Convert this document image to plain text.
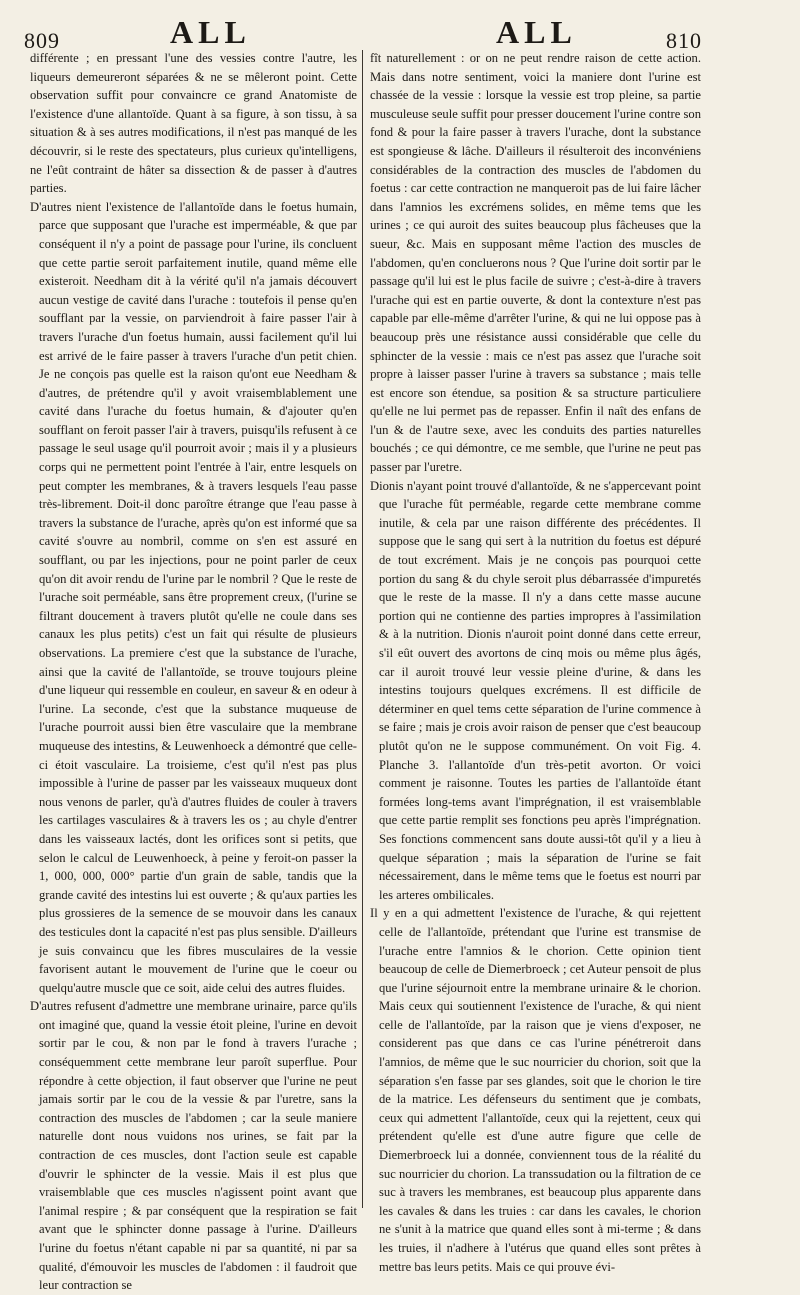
809	ALL	ALL	810

différente ; en pressant l'une des vessies contre l'autre, les liqueurs demeureront séparées & ne se mêleront point. Cette observation suffit pour convaincre ce grand Anatomiste de l'existence d'une allantoïde. Quant à sa figure, à son tissu, à sa situation & à ses autres modifications, il n'est pas manqué de les découvrir, si le reste des spectateurs, plus curieux qu'intelligens, ne l'eût contraint de hâter sa dissection & de passer à d'autres parties.

D'autres nient l'existence de l'allantoïde dans le foetus humain, parce que supposant que l'urache est imperméable, & que par conséquent il n'y a point de passage pour l'urine, ils concluent que cette partie seroit parfaitement inutile, quand même elle existeroit. Needham dit à la vérité qu'il n'a jamais découvert aucun vestige de cavité dans l'urache : toutefois il pense qu'en soufflant par la vessie, on parviendroit à faire passer l'air à travers l'urache d'un foetus humain, aussi facilement qu'il lui est arrivé de le faire passer à travers l'urache d'un petit chien. Je ne conçois pas quelle est la raison qu'ont eue Needham & d'autres, de prétendre qu'il y avoit vraisemblablement une cavité dans l'urache du foetus humain, & d'ajouter qu'en soufflant on feroit passer l'air à travers, puisqu'ils refusent à ce passage le seul usage qu'il pourroit avoir ; mais il y a plusieurs corps qui ne permettent point l'entrée à l'air, entre lesquels on peut compter les membranes, & à travers lesquels l'eau passe très-librement. Doit-il donc paroître étrange que l'eau passe à travers la substance de l'urache, après qu'on est informé que sa cavité s'ouvre au nombril, comme on s'en est assuré en soufflant, ou par les injections, pour ne point parler de ceux qu'on dit avoir rendu de l'urine par le nombril ? Que le reste de l'urache soit perméable, sans être proprement creux, (l'urine se filtrant doucement à travers plutôt qu'elle ne coule dans ses canaux les plus petits) c'est un fait qui résulte de plusieurs observations. La premiere c'est que la substance de l'urache, ainsi que la cavité de l'allantoïde, se trouve toujours pleine d'une liqueur qui ressemble en couleur, en saveur & en odeur à l'urine. La seconde, c'est que la substance muqueuse de l'urache pourroit aussi bien être vasculaire que la membrane muqueuse des intestins, & Leuwenhoeck a démontré que celle-ci étoit vasculaire. La troisieme, c'est qu'il n'est pas plus impossible à l'urine de passer par les vaisseaux muqueux dont nous venons de parler, qu'à d'autres fluides de couler à travers les cartilages vasculaires & à travers les os ; au chyle d'entrer dans les vaisseaux lactés, dont les orifices sont si petits, que selon le calcul de Leuwenhoeck, à peine y feroit-on passer la 1, 000, 000, 000° partie d'un grain de sable, tandis que la grande cavité des intestins lui est ouverte ; & qu'aux parties les plus grossieres de la semence de se mouvoir dans les canaux des testicules dont la capacité n'est pas plus sensible. D'ailleurs je suis convaincu que les fibres musculaires de la vessie favorisent autant le mouvement de l'urine que le coeur ou quelqu'autre muscle que ce soit, aide celui des autres fluides.

D'autres refusent d'admettre une membrane urinaire, parce qu'ils ont imaginé que, quand la vessie étoit pleine, l'urine en devoit sortir par le cou, & non par le fond à travers l'urache ; conséquemment cette membrane leur paroît superflue. Pour répondre à cette objection, il faut observer que l'urine ne peut jamais sortir par le cou de la vessie & par l'uretre, sans la contraction des muscles de l'abdomen ; car la seule maniere naturelle dont nous vuidons nos urines, se fait par la contraction de ces muscles, dont l'action seule est capable d'ouvrir le sphincter de la vessie. Mais il est plus que vraisemblable que ces muscles n'agissent point avant que l'animal respire ; & par conséquent que la respiration se fait avant que le sphincter donne passage à l'urine. D'ailleurs l'urine du foetus n'étant capable ni par sa quantité, ni par sa qualité, d'émouvoir les muscles de l'abdomen : il faudroit que leur contraction se

fît naturellement : or on ne peut rendre raison de cette action. Mais dans notre sentiment, voici la maniere dont l'urine est chassée de la vessie : lorsque la vessie est trop pleine, sa partie musculeuse seule suffit pour presser doucement l'urine contre son fond & pour la faire passer à travers l'urache, dont la substance est spongieuse & lâche. D'ailleurs il résulteroit des inconvéniens considérables de la contraction des muscles de l'abdomen du foetus : car cette contraction ne manqueroit pas de lui faire lâcher dans l'amnios les excrémens solides, en même tems que les urines ; ce qui auroit des suites beaucoup plus fâcheuses que la sueur, &c. Mais en supposant même l'action des muscles de l'abdomen, qu'en concluerons nous ? Que l'urine doit sortir par le passage qu'il lui est le plus facile de suivre ; c'est-à-dire à travers l'urache qui est en partie ouverte, & dont la contexture n'est pas capable par elle-même d'arrêter l'urine, & qui ne lui oppose pas à beaucoup près une résistance aussi considérable que celle du sphincter de la vessie : mais ce n'est pas assez que l'urache soit propre à laisser passer l'urine à travers sa substance ; mais telle est encore son étendue, sa position & sa structure particuliere qu'elle ne lui permet pas de repasser. Enfin il naît des enfans de l'un & de l'autre sexe, avec les conduits des parties naturelles bouchés ; ce qui démontre, ce me semble, que l'urine ne peut pas passer par l'uretre.

Dionis n'ayant point trouvé d'allantoïde, & ne s'appercevant point que l'urache fût perméable, regarde cette membrane comme inutile, & cela par une raison différente des précédentes. Il suppose que le sang qui sert à la nutrition du foetus est dépuré de tout excrément. Mais je ne conçois pas pourquoi cette portion du sang & du chyle seroit plus débarrassée d'impuretés que le reste de la masse. Il n'y a dans cette masse aucune portion qui ne contienne des parties impropres à l'assimilation & à la nutrition. Dionis n'auroit point donné dans cette erreur, s'il eût ouvert des avortons de cinq mois ou même plus âgés, car il auroit trouvé leur vessie pleine d'urine, & dans les intestins toujours quelques excrémens. Il est difficile de déterminer en quel tems cette séparation de l'urine commence à se faire ; mais je crois avoir raison de penser que c'est beaucoup plutôt qu'on ne le suppose communément. On voit Fig. 4. Planche 3. l'allantoïde d'un très-petit avorton. Or voici comment je raisonne. Toutes les parties de l'allantoïde étant formées long-tems avant l'imprégnation, il est vraisemblable que cette partie remplit ses fonctions peu après l'imprégnation. Ses fonctions commencent sans doute aussi-tôt qu'il y a lieu à quelque séparation ; mais la séparation de l'urine se fait nécessairement, dans le même tems que le foetus est nourri par les arteres ombilicales.

Il y en a qui admettent l'existence de l'urache, & qui rejettent celle de l'allantoïde, prétendant que l'urine est transmise de l'urache entre l'amnios & le chorion. Cette opinion tient beaucoup de celle de Diemerbroeck ; cet Auteur pensoit de plus que l'urine séjournoit entre la membrane urinaire & le chorion. Mais ceux qui soutiennent l'existence de l'urache, & qui nient celle de l'allantoïde, par la raison que je viens d'exposer, ne considerent pas que dans ce cas l'urine pénétreroit dans l'amnios, de même que le suc nourricier du chorion, soit que la séparation s'en fasse par ses glandes, soit que le chorion le tire de la matrice. Les défenseurs du sentiment que je combats, ceux qui admettent l'allantoïde, ceux qui la rejettent, ceux qui prétendent qu'elle est d'une autre figure que celle de Diemerbroeck lui a donnée, conviennent tous de la réalité du suc nourricier du chorion. La transsudation ou la filtration de ce suc à travers les membranes, est beaucoup plus apparente dans les cavales & dans les truies : car dans les cavales, le chorion ne s'unit à la matrice que quand elles sont à mi-terme ; & dans les truies, il n'adhere à l'utérus que quand elles sont prêtes à mettre bas leurs petits. Mais ce qui prouve évi-
